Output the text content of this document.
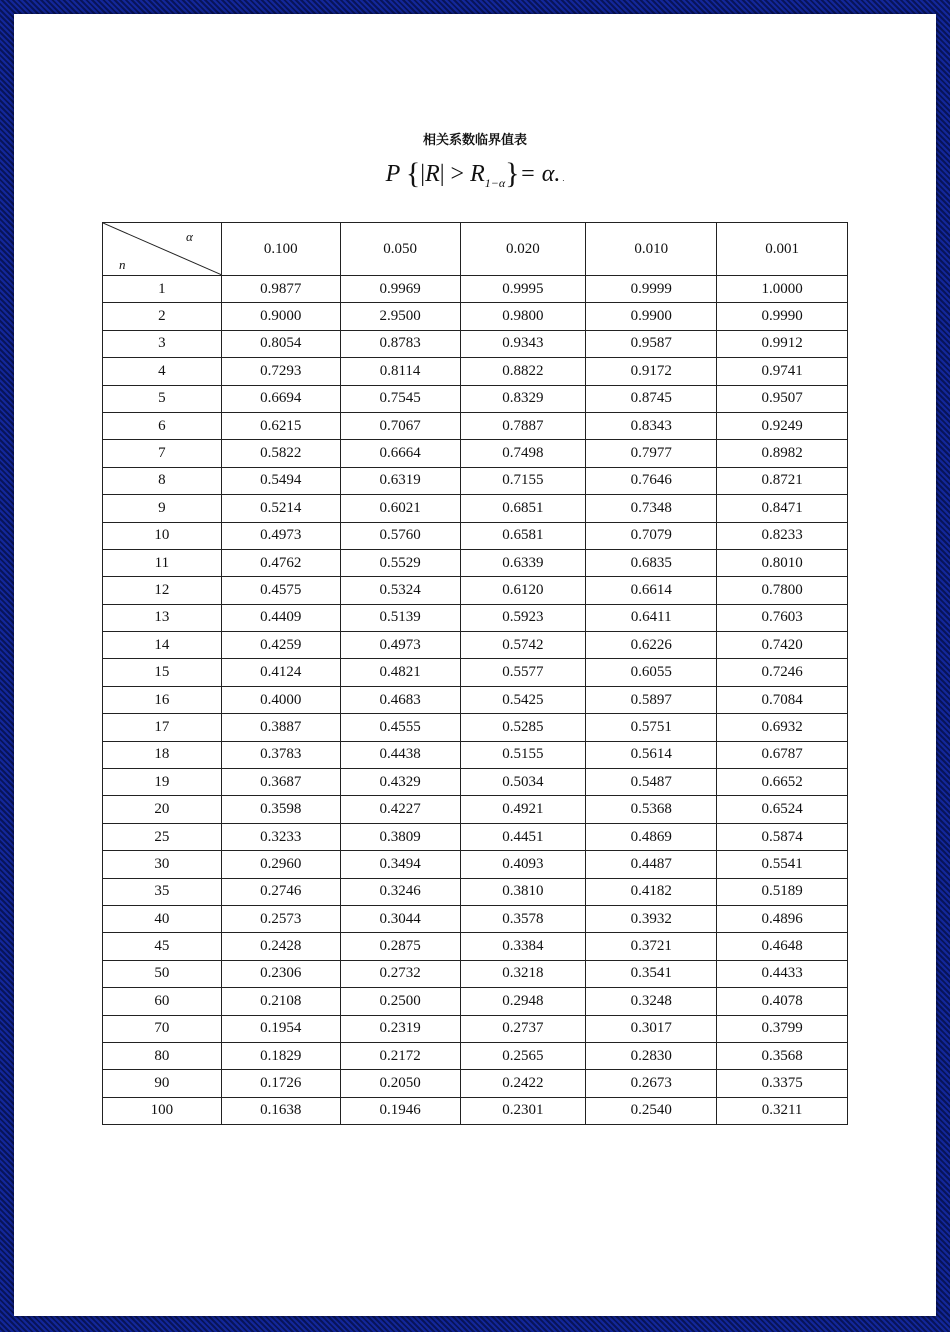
相关系数临界值表
P $\{|R| > R_{1-\alpha}\}= \alpha$. .
α
n	0.100	0.050	0.020	0.010	0.001
1	0.9877	0.9969	0.9995	0.9999	1.0000
2	0.9000	2.9500	0.9800	0.9900	0.9990
3	0.8054	0.8783	0.9343	0.9587	0.9912
4	0.7293	0.8114	0.8822	0.9172	0.9741
5	0.6694	0.7545	0.8329	0.8745	0.9507
6	0.6215	0.7067	0.7887	0.8343	0.9249
7	0.5822	0.6664	0.7498	0.7977	0.8982
8	0.5494	0.6319	0.7155	0.7646	0.8721
9	0.5214	0.6021	0.6851	0.7348	0.8471
10	0.4973	0.5760	0.6581	0.7079	0.8233
11	0.4762	0.5529	0.6339	0.6835	0.8010
12	0.4575	0.5324	0.6120	0.6614	0.7800
13	0.4409	0.5139	0.5923	0.6411	0.7603
14	0.4259	0.4973	0.5742	0.6226	0.7420
15	0.4124	0.4821	0.5577	0.6055	0.7246
16	0.4000	0.4683	0.5425	0.5897	0.7084
17	0.3887	0.4555	0.5285	0.5751	0.6932
18	0.3783	0.4438	0.5155	0.5614	0.6787
19	0.3687	0.4329	0.5034	0.5487	0.6652
20	0.3598	0.4227	0.4921	0.5368	0.6524
25	0.3233	0.3809	0.4451	0.4869	0.5874
30	0.2960	0.3494	0.4093	0.4487	0.5541
35	0.2746	0.3246	0.3810	0.4182	0.5189
40	0.2573	0.3044	0.3578	0.3932	0.4896
45	0.2428	0.2875	0.3384	0.3721	0.4648
50	0.2306	0.2732	0.3218	0.3541	0.4433
60	0.2108	0.2500	0.2948	0.3248	0.4078
70	0.1954	0.2319	0.2737	0.3017	0.3799
80	0.1829	0.2172	0.2565	0.2830	0.3568
90	0.1726	0.2050	0.2422	0.2673	0.3375
100	0.1638	0.1946	0.2301	0.2540	0.3211
